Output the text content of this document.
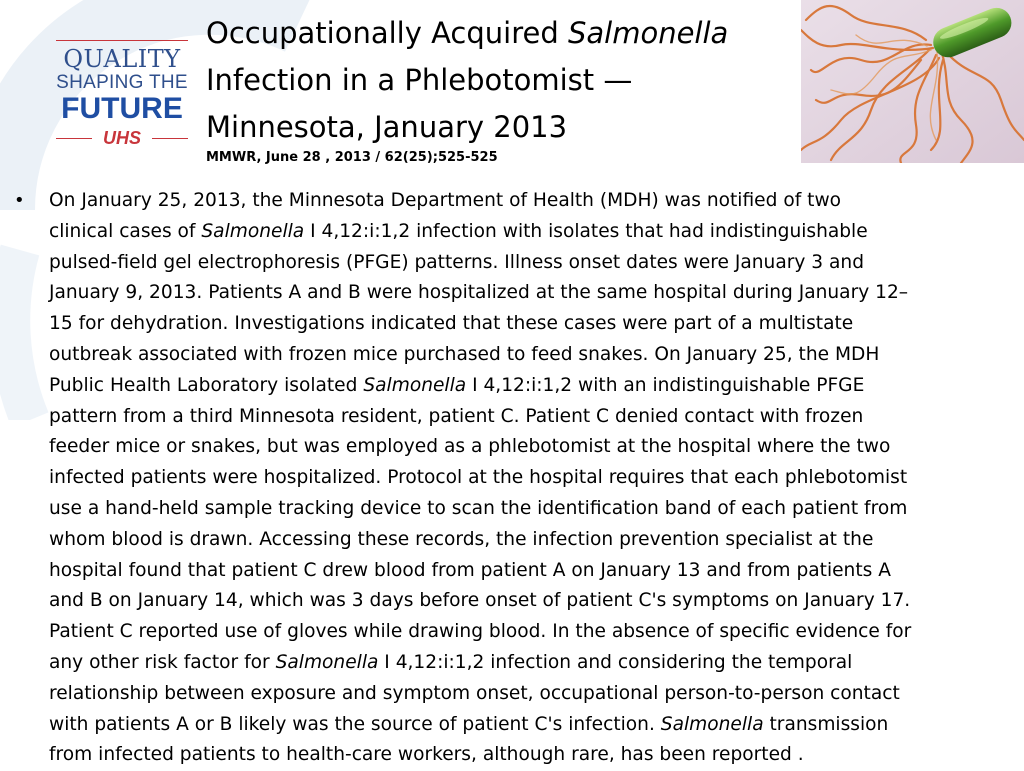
QUALITY
SHAPING THE
FUTURE
UHS
Occupationally Acquired Salmonella
Infection in a Phlebotomist —
Minnesota, January 2013
MMWR, June 28 , 2013 / 62(25);525-525
• On January 25, 2013, the Minnesota Department of Health (MDH) was notified of two
clinical cases of Salmonella I 4,12:i:1,2 infection with isolates that had indistinguishable
pulsed-field gel electrophoresis (PFGE) patterns. Illness onset dates were January 3 and
January 9, 2013. Patients A and B were hospitalized at the same hospital during January 12–
15 for dehydration. Investigations indicated that these cases were part of a multistate
outbreak associated with frozen mice purchased to feed snakes. On January 25, the MDH
Public Health Laboratory isolated Salmonella I 4,12:i:1,2 with an indistinguishable PFGE
pattern from a third Minnesota resident, patient C. Patient C denied contact with frozen
feeder mice or snakes, but was employed as a phlebotomist at the hospital where the two
infected patients were hospitalized. Protocol at the hospital requires that each phlebotomist
use a hand-held sample tracking device to scan the identification band of each patient from
whom blood is drawn. Accessing these records, the infection prevention specialist at the
hospital found that patient C drew blood from patient A on January 13 and from patients A
and B on January 14, which was 3 days before onset of patient C's symptoms on January 17.
Patient C reported use of gloves while drawing blood. In the absence of specific evidence for
any other risk factor for Salmonella I 4,12:i:1,2 infection and considering the temporal
relationship between exposure and symptom onset, occupational person-to-person contact
with patients A or B likely was the source of patient C's infection. Salmonella transmission
from infected patients to health-care workers, although rare, has been reported .
